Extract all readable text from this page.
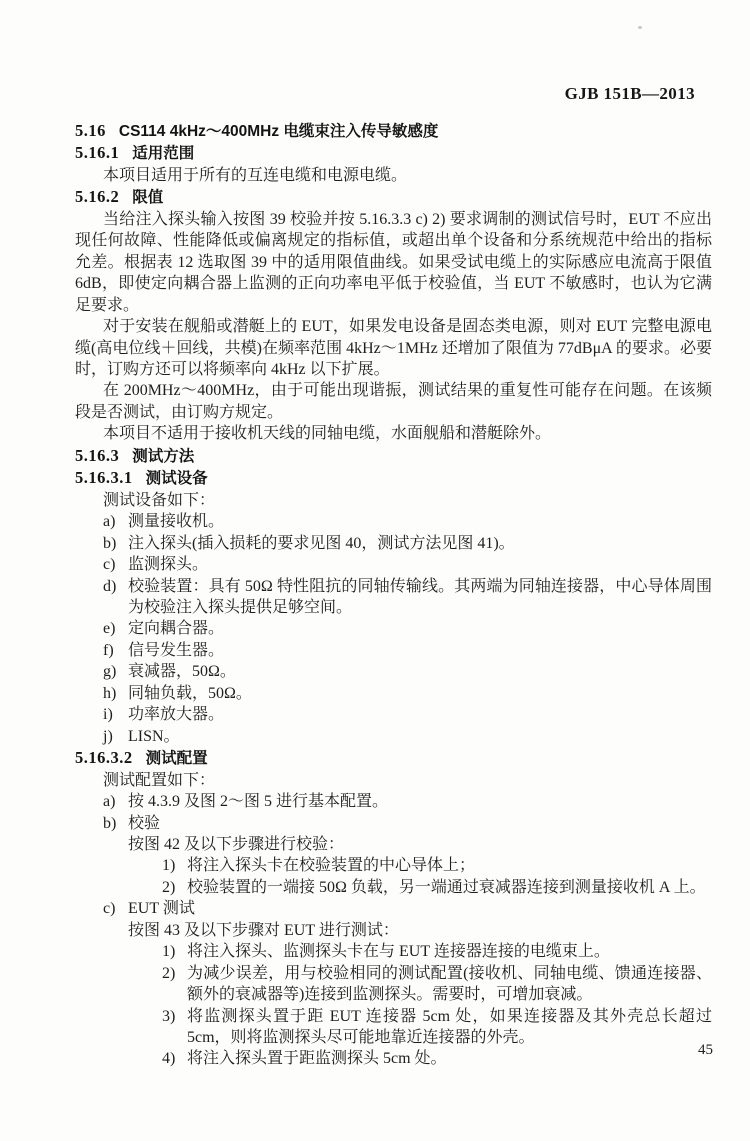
GJB 151B—2013
5.16 CS114 4kHz～400MHz 电缆束注入传导敏感度
5.16.1 适用范围
本项目适用于所有的互连电缆和电源电缆。
5.16.2 限值
当给注入探头输入按图 39 校验并按 5.16.3.3 c) 2) 要求调制的测试信号时，EUT 不应出现任何故障、性能降低或偏离规定的指标值，或超出单个设备和分系统规范中给出的指标允差。根据表 12 选取图 39 中的适用限值曲线。如果受试电缆上的实际感应电流高于限值 6dB，即使定向耦合器上监测的正向功率电平低于校验值，当 EUT 不敏感时，也认为它满足要求。
对于安装在舰船或潜艇上的 EUT，如果发电设备是固态类电源，则对 EUT 完整电源电缆(高电位线＋回线，共模)在频率范围 4kHz～1MHz 还增加了限值为 77dBμA 的要求。必要时，订购方还可以将频率向 4kHz 以下扩展。
在 200MHz～400MHz，由于可能出现谐振，测试结果的重复性可能存在问题。在该频段是否测试，由订购方规定。
本项目不适用于接收机天线的同轴电缆，水面舰船和潜艇除外。
5.16.3 测试方法
5.16.3.1 测试设备
测试设备如下：
a) 测量接收机。
b) 注入探头(插入损耗的要求见图 40，测试方法见图 41)。
c) 监测探头。
d) 校验装置：具有 50Ω 特性阻抗的同轴传输线。其两端为同轴连接器，中心导体周围为校验注入探头提供足够空间。
e) 定向耦合器。
f) 信号发生器。
g) 衰减器，50Ω。
h) 同轴负载，50Ω。
i) 功率放大器。
j) LISN。
5.16.3.2 测试配置
测试配置如下：
a) 按 4.3.9 及图 2～图 5 进行基本配置。
b) 校验
按图 42 及以下步骤进行校验：
1) 将注入探头卡在校验装置的中心导体上；
2) 校验装置的一端接 50Ω 负载，另一端通过衰减器连接到测量接收机 A 上。
c) EUT 测试
按图 43 及以下步骤对 EUT 进行测试：
1) 将注入探头、监测探头卡在与 EUT 连接器连接的电缆束上。
2) 为减少误差，用与校验相同的测试配置(接收机、同轴电缆、馈通连接器、额外的衰减器等)连接到监测探头。需要时，可增加衰减。
3) 将监测探头置于距 EUT 连接器 5cm 处，如果连接器及其外壳总长超过 5cm，则将监测探头尽可能地靠近连接器的外壳。
4) 将注入探头置于距监测探头 5cm 处。
45
